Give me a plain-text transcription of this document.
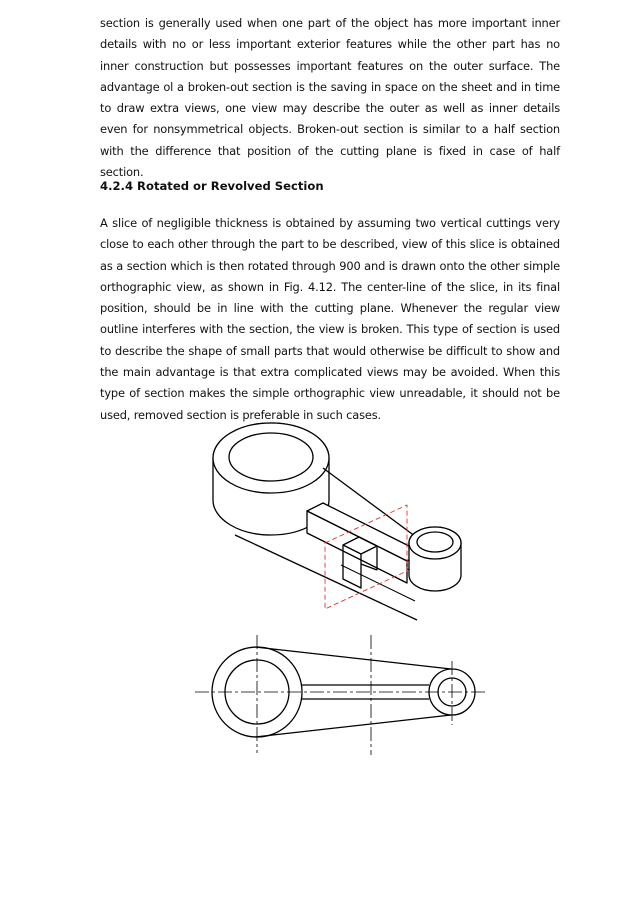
section is generally used when one part of the object has more important inner details with no or less important exterior features while the other part has no inner construction but possesses important features on the outer surface. The advantage ol a broken-out section is the saving in space on the sheet and in time to draw extra views, one view may describe the outer as well as inner details even for nonsymmetrical objects. Broken-out section is similar to a half section with the difference that position of the cutting plane is fixed in case of half section.

4.2.4 Rotated or Revolved Section

A slice of negligible thickness is obtained by assuming two vertical cuttings very close to each other through the part to be described, view of this slice is obtained as a section which is then rotated through 900 and is drawn onto the other simple orthographic view, as shown in Fig. 4.12. The center-line of the slice, in its final position, should be in line with the cutting plane. Whenever the regular view outline interferes with the section, the view is broken. This type of section is used to describe the shape of small parts that would otherwise be difficult to show and the main advantage is that extra complicated views may be avoided. When this type of section makes the simple orthographic view unreadable, it should not be used, removed section is preferable in such cases.
